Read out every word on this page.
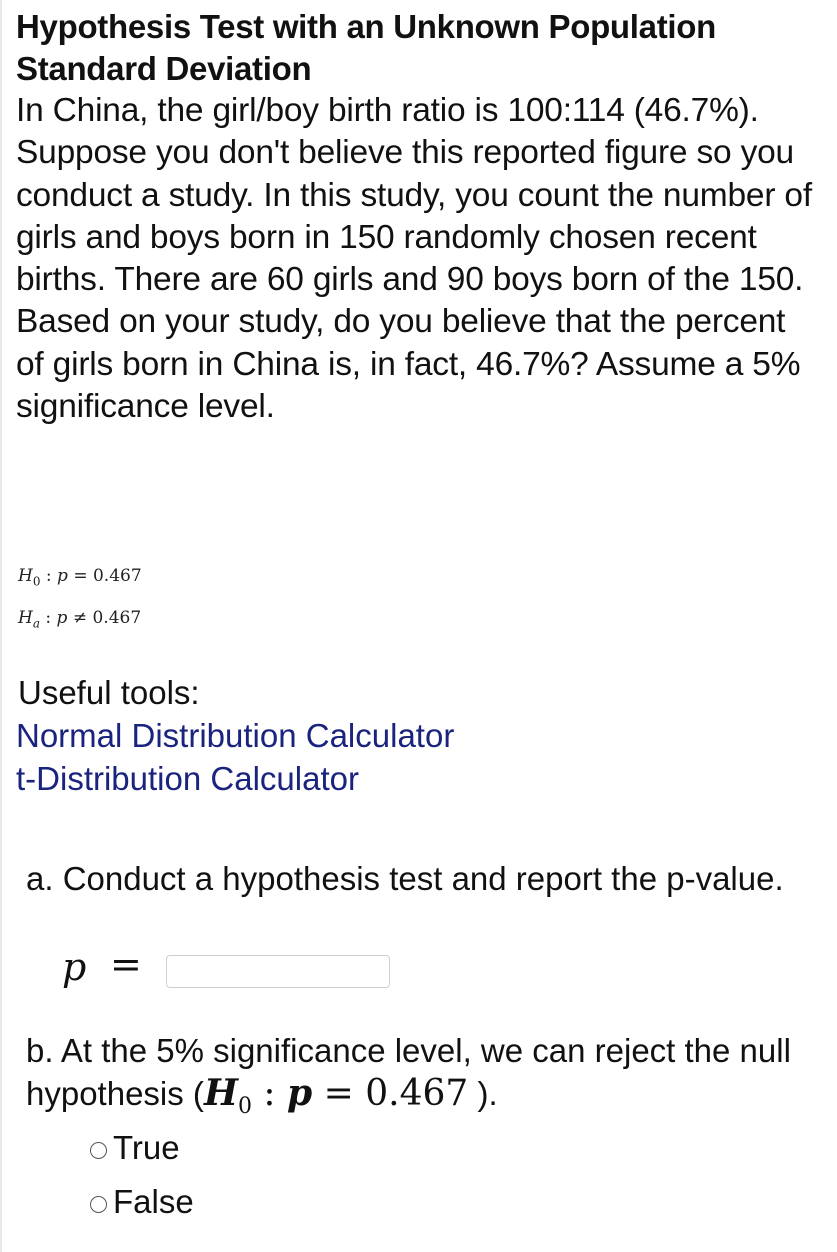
Hypothesis Test with an Unknown Population Standard Deviation

In China, the girl/boy birth ratio is 100:114 (46.7%). Suppose you don't believe this reported figure so you conduct a study. In this study, you count the number of girls and boys born in 150 randomly chosen recent births. There are 60 girls and 90 boys born of the 150. Based on your study, do you believe that the percent of girls born in China is, in fact, 46.7%? Assume a 5% significance level.

$H_0$ : p = 0.467
$H_a$ : p ≠ 0.467
Useful tools:
Normal Distribution Calculator
t-Distribution Calculator
a. Conduct a hypothesis test and report the p-value.
p =
b. At the 5% significance level, we can reject the null hypothesis ($H_0$ : p = 0.467 ).
True
False
